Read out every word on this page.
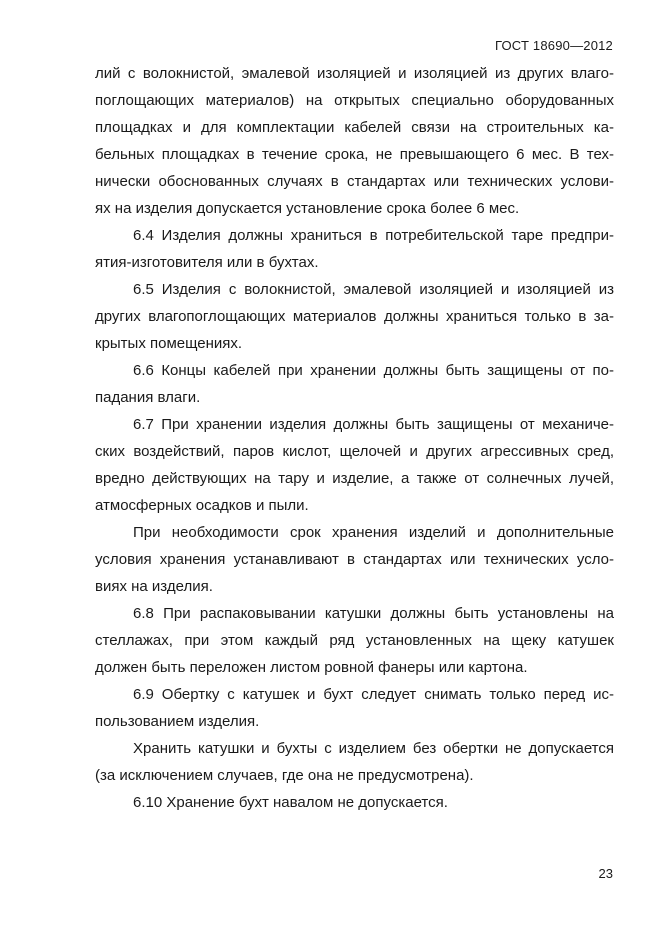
ГОСТ 18690—2012
лий с волокнистой, эмалевой изоляцией и изоляцией из других влаго-
поглощающих материалов) на открытых специально оборудованных
площадках и для комплектации кабелей связи на строительных ка-
бельных площадках в течение срока, не превышающего 6 мес. В тех-
нически обоснованных случаях в стандартах или технических услови-
ях на изделия допускается установление срока более 6 мес.
6.4 Изделия должны храниться в потребительской таре предпри-
ятия-изготовителя или в бухтах.
6.5 Изделия с волокнистой, эмалевой изоляцией и изоляцией из
других влагопоглощающих материалов должны храниться только в за-
крытых помещениях.
6.6 Концы кабелей при хранении должны быть защищены от по-
падания влаги.
6.7 При хранении изделия должны быть защищены от механиче-
ских воздействий, паров кислот, щелочей и других агрессивных сред,
вредно действующих на тару и изделие, а также от солнечных лучей,
атмосферных осадков и пыли.
При необходимости срок хранения изделий и дополнительные
условия хранения устанавливают в стандартах или технических усло-
виях на изделия.
6.8 При распаковывании катушки должны быть установлены на
стеллажах, при этом каждый ряд установленных на щеку катушек
должен быть переложен листом ровной фанеры или картона.
6.9 Обертку с катушек и бухт следует снимать только перед ис-
пользованием изделия.
Хранить катушки и бухты с изделием без обертки не допускается
(за исключением случаев, где она не предусмотрена).
6.10 Хранение бухт навалом не допускается.
23
